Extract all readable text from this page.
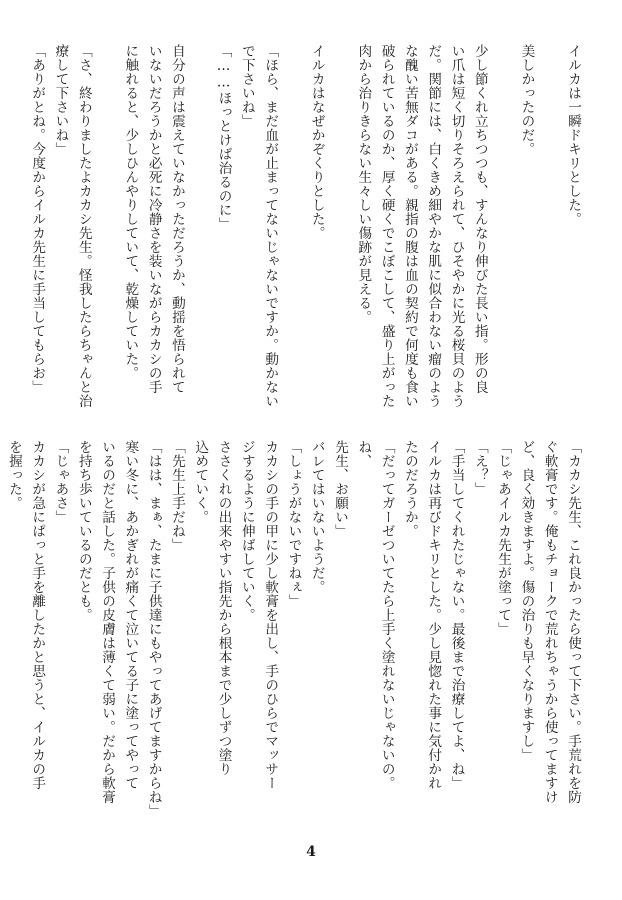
イルカは一瞬ドキリとした。

美しかったのだ。

少し節くれ立ちつつも、すんなり伸びた長い指。形の良
い爪は短く切りそろえられて、ひそやかに光る桜貝のよう
だ。関節には、白くきめ細やかな肌に似合わない瘤のよう
な醜い苦無ダコがある。親指の腹は血の契約で何度も食い
破られているのか、厚く硬くでこぼこして、盛り上がった
肉から治りきらない生々しい傷跡が見える。

イルカはなぜかぞくりとした。

「ほら、まだ血が止まってないじゃないですか。動かない
で下さいね」
「……ほっとけば治るのに」

自分の声は震えていなかっただろうか、動揺を悟られて
いないだろうかと必死に冷静さを装いながらカカシの手
に触れると、少しひんやりしていて、乾燥していた。

「さ、終わりましたよカカシ先生。怪我したらちゃんと治
療して下さいね」
「ありがとね。今度からイルカ先生に手当してもらお」
「カカシ先生、これ良かったら使って下さい。手荒れを防
ぐ軟膏です。俺もチョークで荒れちゃうから使ってますけ
ど、良く効きますよ。傷の治りも早くなりますし」
「じゃあイルカ先生が塗って」
「え？」
「手当してくれたじゃない。最後まで治療してよ、ね」
イルカは再びドキリとした。少し見惚れた事に気付かれ
たのだろうか。
「だってガーゼついてたら上手く塗れないじゃないの。ね、
先生、お願い」
バレてはいないようだ。
「しょうがないですねぇ」
カカシの手の甲に少し軟膏を出し、手のひらでマッサー
ジするように伸ばしていく。
ささくれの出来やすい指先から根本まで少しずつ塗り
込めていく。
「先生上手だね」
「はは、まぁ、たまに子供達にもやってあげてますからね」
寒い冬に、あかぎれが痛くて泣いてる子に塗ってやって
いるのだと話した。子供の皮膚は薄くて弱い。だから軟膏
を持ち歩いているのだとも。
「じゃあさ」
カカシが急にぱっと手を離したかと思うと、イルカの手
を握った。
4
